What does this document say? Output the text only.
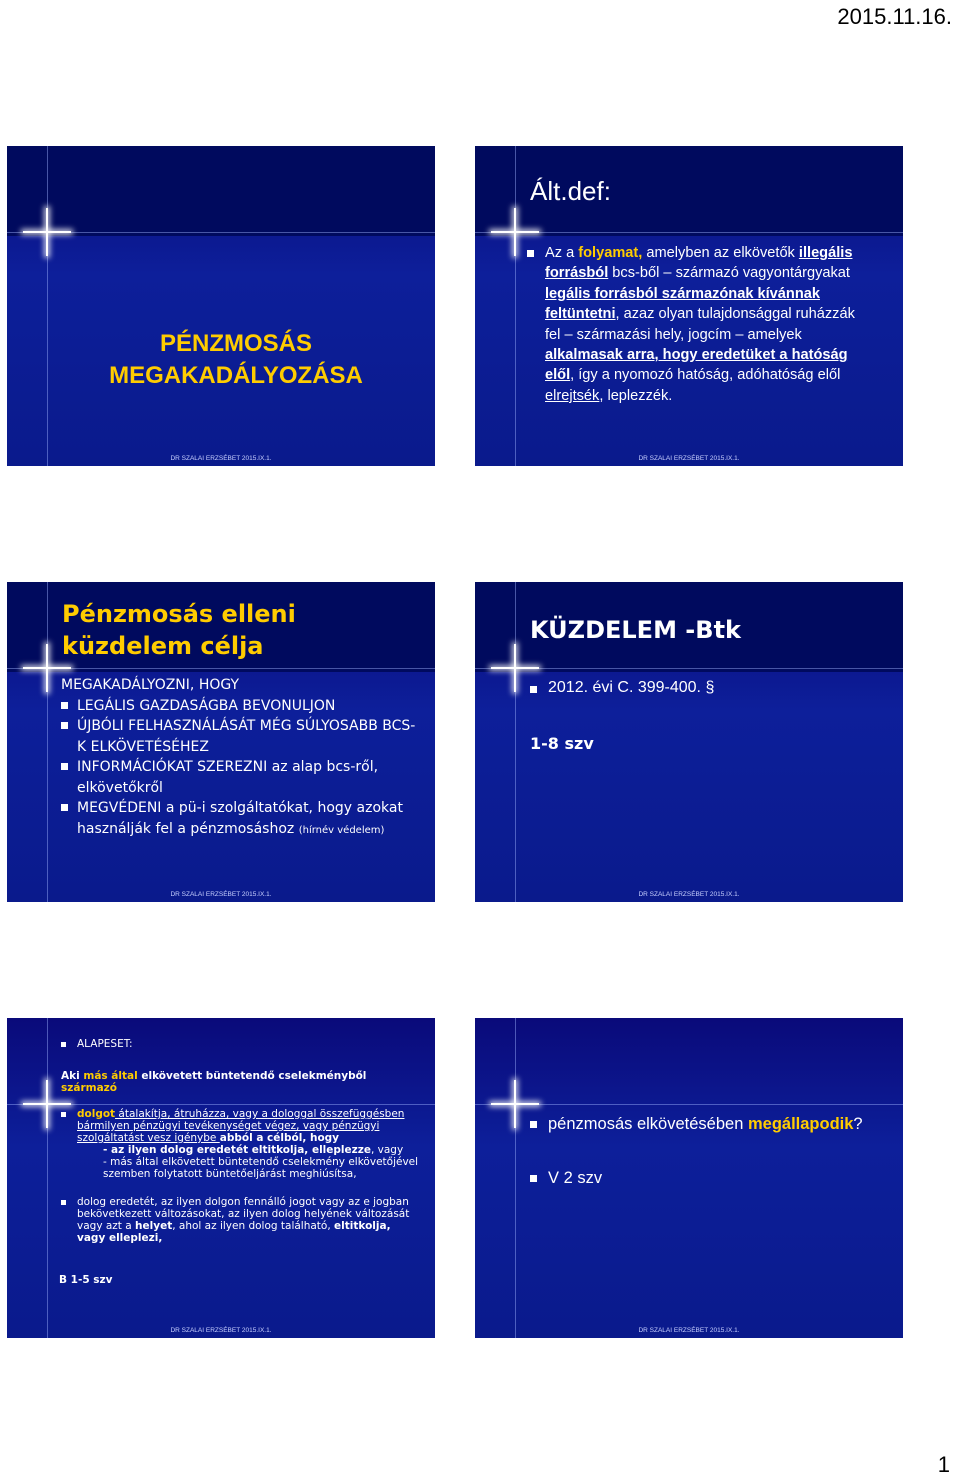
2015.11.16.
PÉNZMOSÁS
MEGAKADÁLYOZÁSA
DR SZALAI ERZSÉBET 2015.IX.1.
Ált.def:
Az a folyamat, amelyben az elkövetők illegális forrásból bcs-ből – származó vagyontárgyakat legális forrásból származónak kívánnak feltüntetni, azaz olyan tulajdonsággal ruházzák fel – származási hely, jogcím – amelyek alkalmasak arra, hogy eredetüket a hatóság elől, így a nyomozó hatóság, adóhatóság elől elrejtsék, leplezzék.
DR SZALAI ERZSÉBET 2015.IX.1.
Pénzmosás elleni
küzdelem célja
MEGAKADÁLYOZNI, HOGY
LEGÁLIS GAZDASÁGBA BEVONULJON
ÚJBÓLI FELHASZNÁLÁSÁT MÉG SÚLYOSABB BCS-K ELKÖVETÉSÉHEZ
INFORMÁCIÓKAT SZEREZNI az alap bcs-ről, elkövetőkről
MEGVÉDENI a pü-i szolgáltatókat, hogy azokat használják fel a pénzmosáshoz (hírnév védelem)
DR SZALAI ERZSÉBET 2015.IX.1.
KÜZDELEM -Btk
2012. évi C. 399-400. §
1-8 szv
DR SZALAI ERZSÉBET 2015.IX.1.
ALAPESET:
Aki más által elkövetett büntetendő cselekményből származó
dolgot átalakítja, átruházza, vagy a dologgal összefüggésben bármilyen pénzügyi tevékenységet végez, vagy pénzügyi szolgáltatást vesz igénybe abból a célból, hogy
- az ilyen dolog eredetét eltitkolja, elleplezze, vagy
- más által elkövetett büntetendő cselekmény elkövetőjével szemben folytatott büntetőeljárást meghiúsítsa,
dolog eredetét, az ilyen dolgon fennálló jogot vagy az e jogban bekövetkezett változásokat, az ilyen dolog helyének változását vagy azt a helyet, ahol az ilyen dolog található, eltitkolja, vagy elleplezi,
B 1-5 szv
DR SZALAI ERZSÉBET 2015.IX.1.
pénzmosás elkövetésében megállapodik?
V 2 szv
DR SZALAI ERZSÉBET 2015.IX.1.
1
